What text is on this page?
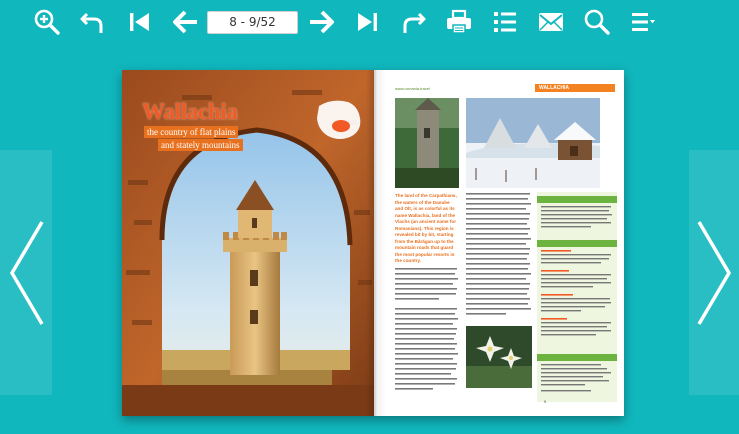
8 - 9/52
Wallachia
the country of flat plains
and stately mountains
www.romania.travel	WALLACHIA
The land of the Carpathians, the waters of the Danube and Olt, is as colorful as its name Wallachia, land of the Vlachs (an ancient name for Romanians). This region is revealed bit by bit, starting from the Bărăgan up to the mountain roads that guard the most popular resorts in the country.
9
